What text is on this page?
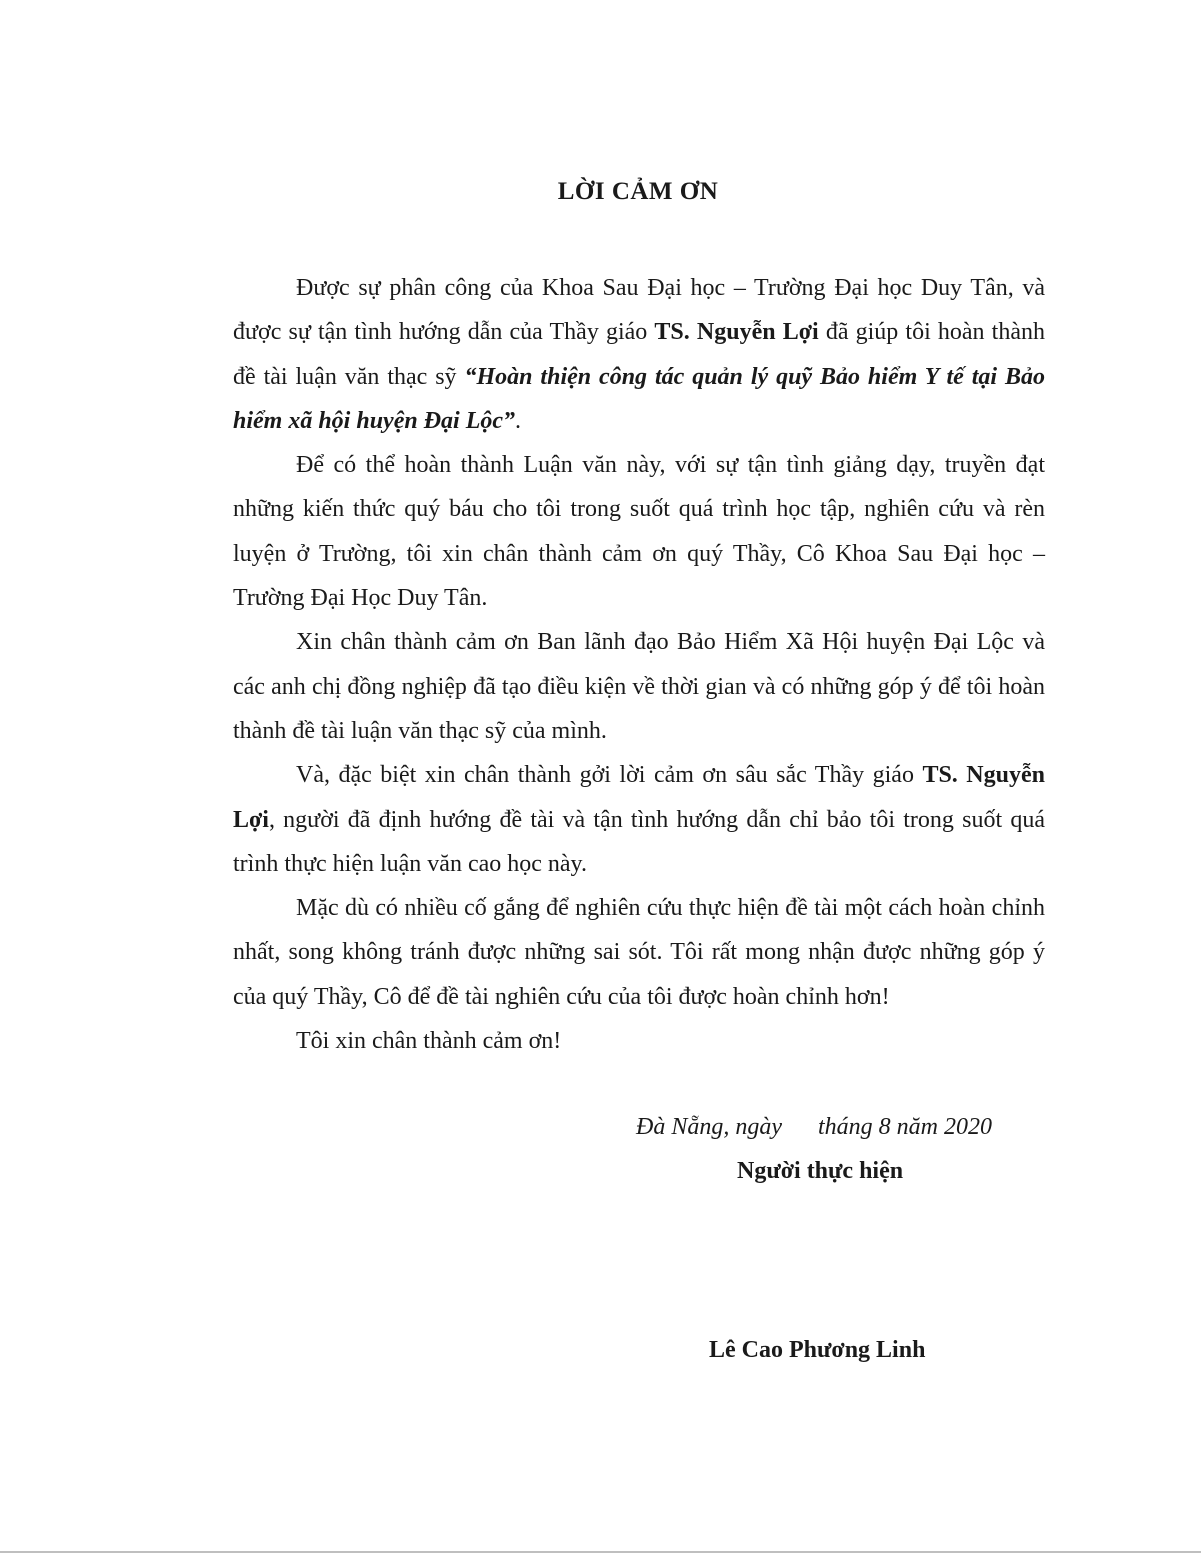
LỜI CẢM ƠN

Được sự phân công của Khoa Sau Đại học – Trường Đại học Duy Tân, và được sự tận tình hướng dẫn của Thầy giáo TS. Nguyễn Lợi đã giúp tôi hoàn thành đề tài luận văn thạc sỹ “Hoàn thiện công tác quản lý quỹ Bảo hiểm Y tế tại Bảo hiểm xã hội huyện Đại Lộc”.

Để có thể hoàn thành Luận văn này, với sự tận tình giảng dạy, truyền đạt những kiến thức quý báu cho tôi trong suốt quá trình học tập, nghiên cứu và rèn luyện ở Trường, tôi xin chân thành cảm ơn quý Thầy, Cô Khoa Sau Đại học – Trường Đại Học Duy Tân.

Xin chân thành cảm ơn Ban lãnh đạo Bảo Hiểm Xã Hội huyện Đại Lộc và các anh chị đồng nghiệp đã tạo điều kiện về thời gian và có những góp ý để tôi hoàn thành đề tài luận văn thạc sỹ của mình.

Và, đặc biệt xin chân thành gởi lời cảm ơn sâu sắc Thầy giáo TS. Nguyễn Lợi, người đã định hướng đề tài và tận tình hướng dẫn chỉ bảo tôi trong suốt quá trình thực hiện luận văn cao học này.

Mặc dù có nhiều cố gắng để nghiên cứu thực hiện đề tài một cách hoàn chỉnh nhất, song không tránh được những sai sót. Tôi rất mong nhận được những góp ý của quý Thầy, Cô để đề tài nghiên cứu của tôi được hoàn chỉnh hơn!

Tôi xin chân thành cảm ơn!

Đà Nẵng, ngày      tháng 8 năm 2020
Người thực hiện
Lê Cao Phương Linh
